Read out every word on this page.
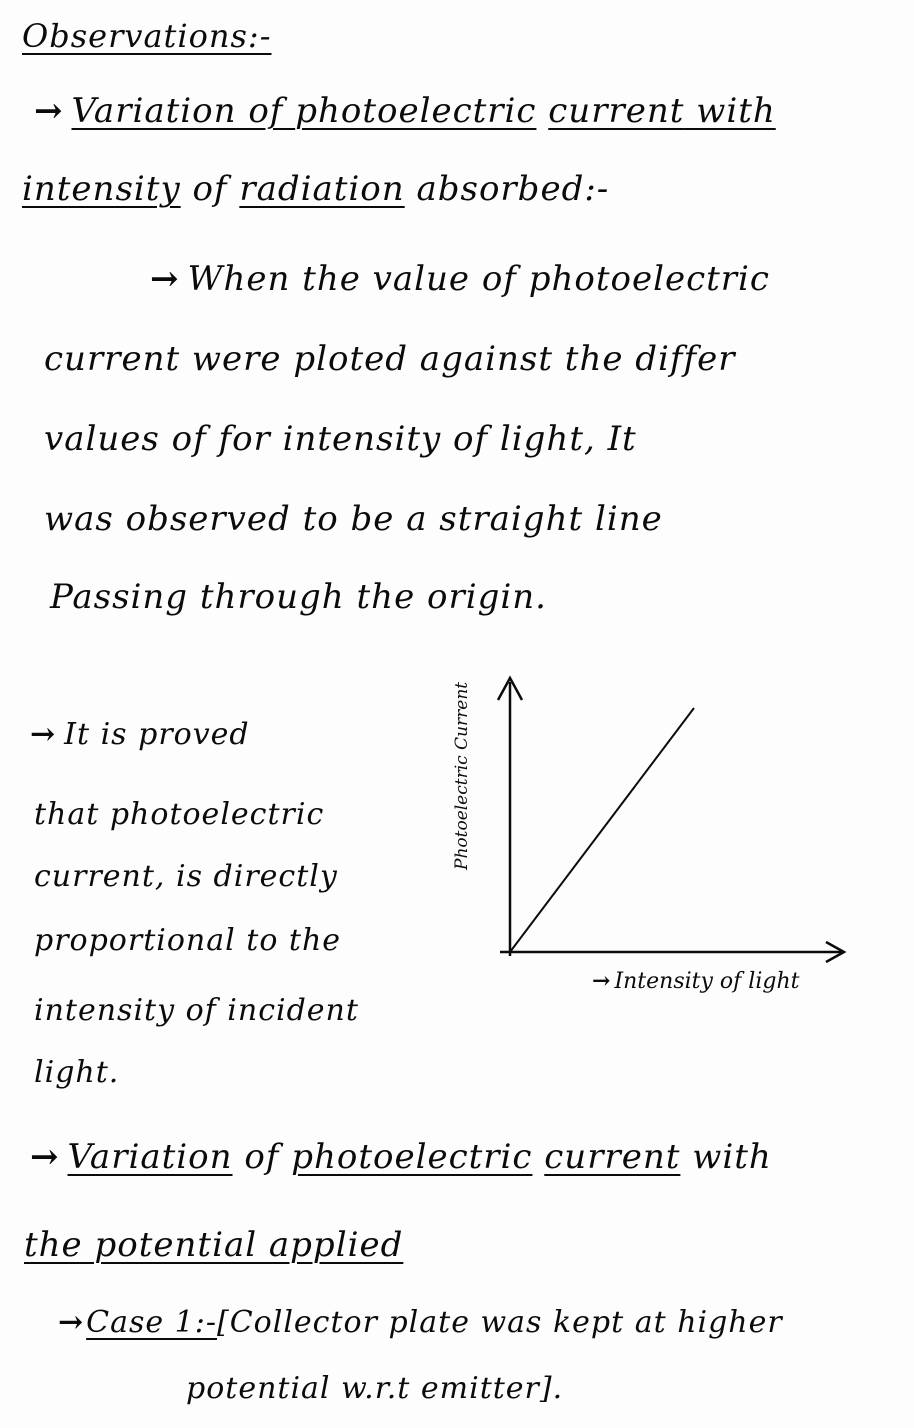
Observations:-
→ Variation of photoelectric current with
intensity of radiation absorbed:-
→ When the value of photoelectric
current were ploted against the differ
values of for intensity of light, It
was observed to be a straight line
Passing through the origin.
→ It is proved
that photoelectric
current, is directly
proportional to the
intensity of incident
light.
Photoelectric Current
→ Intensity of light
→ Variation of photoelectric current with
the potential applied
→Case 1:-[Collector plate was kept at higher
potential w.r.t emitter].
